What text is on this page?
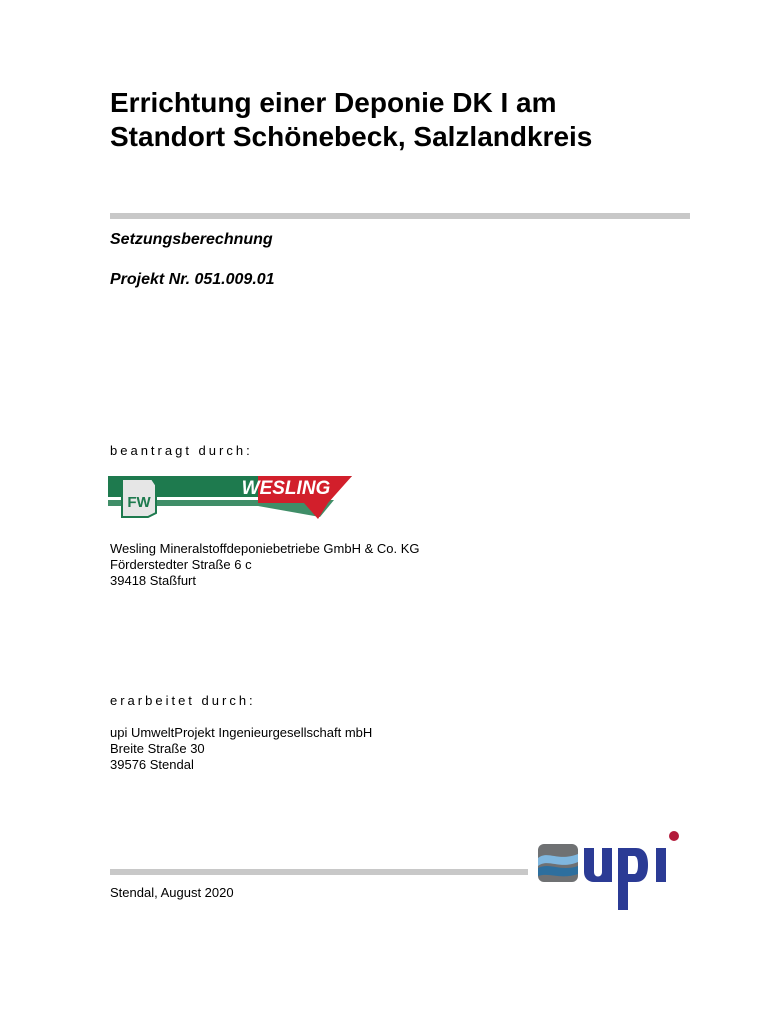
Errichtung einer Deponie DK I am
Standort Schönebeck, Salzlandkreis
Setzungsberechnung
Projekt Nr. 051.009.01
beantragt durch:
FW
WESLING
Wesling Mineralstoffdeponiebetriebe GmbH & Co. KG
Förderstedter Straße 6 c
39418 Staßfurt
erarbeitet durch:
upi UmweltProjekt Ingenieurgesellschaft mbH
Breite Straße 30
39576 Stendal
Stendal, August 2020
